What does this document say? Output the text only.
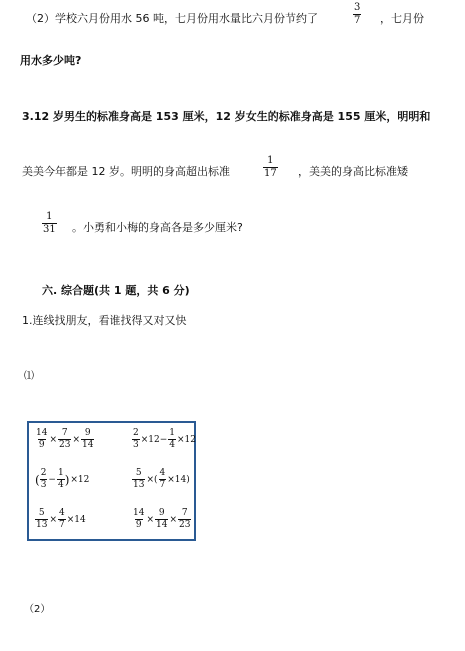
（2）学校六月份用水 56 吨，七月份用水量比六月份节约了	$\frac{3}{7}$ ，七月份
用水多少吨?
3.12 岁男生的标准身高是 153 厘米，12 岁女生的标准身高是 155 厘米，明明和
美美今年都是 12 岁。明明的身高超出标准	$\frac{1}{17}$ ，美美的身高比标准矮
$\frac{1}{31}$ 。小勇和小梅的身高各是多少厘米?
六. 综合题(共 1 题，共 6 分)
1.连线找朋友，看谁找得又对又快
⑴
$\frac{14}{9} \times \frac{7}{23} \times \frac{9}{14}$	$\frac{2}{3} \times 12- \frac{1}{4} \times 12$
( $\frac{2}{3} - \frac{1}{4}$ ) ×12	$\frac{5}{13}$ ×( $\frac{4}{7} \times 14$)
$\frac{5}{13} \times \frac{4}{7} \times 14$	$\frac{14}{9} \times \frac{9}{14} \times \frac{7}{23}$
（2）
